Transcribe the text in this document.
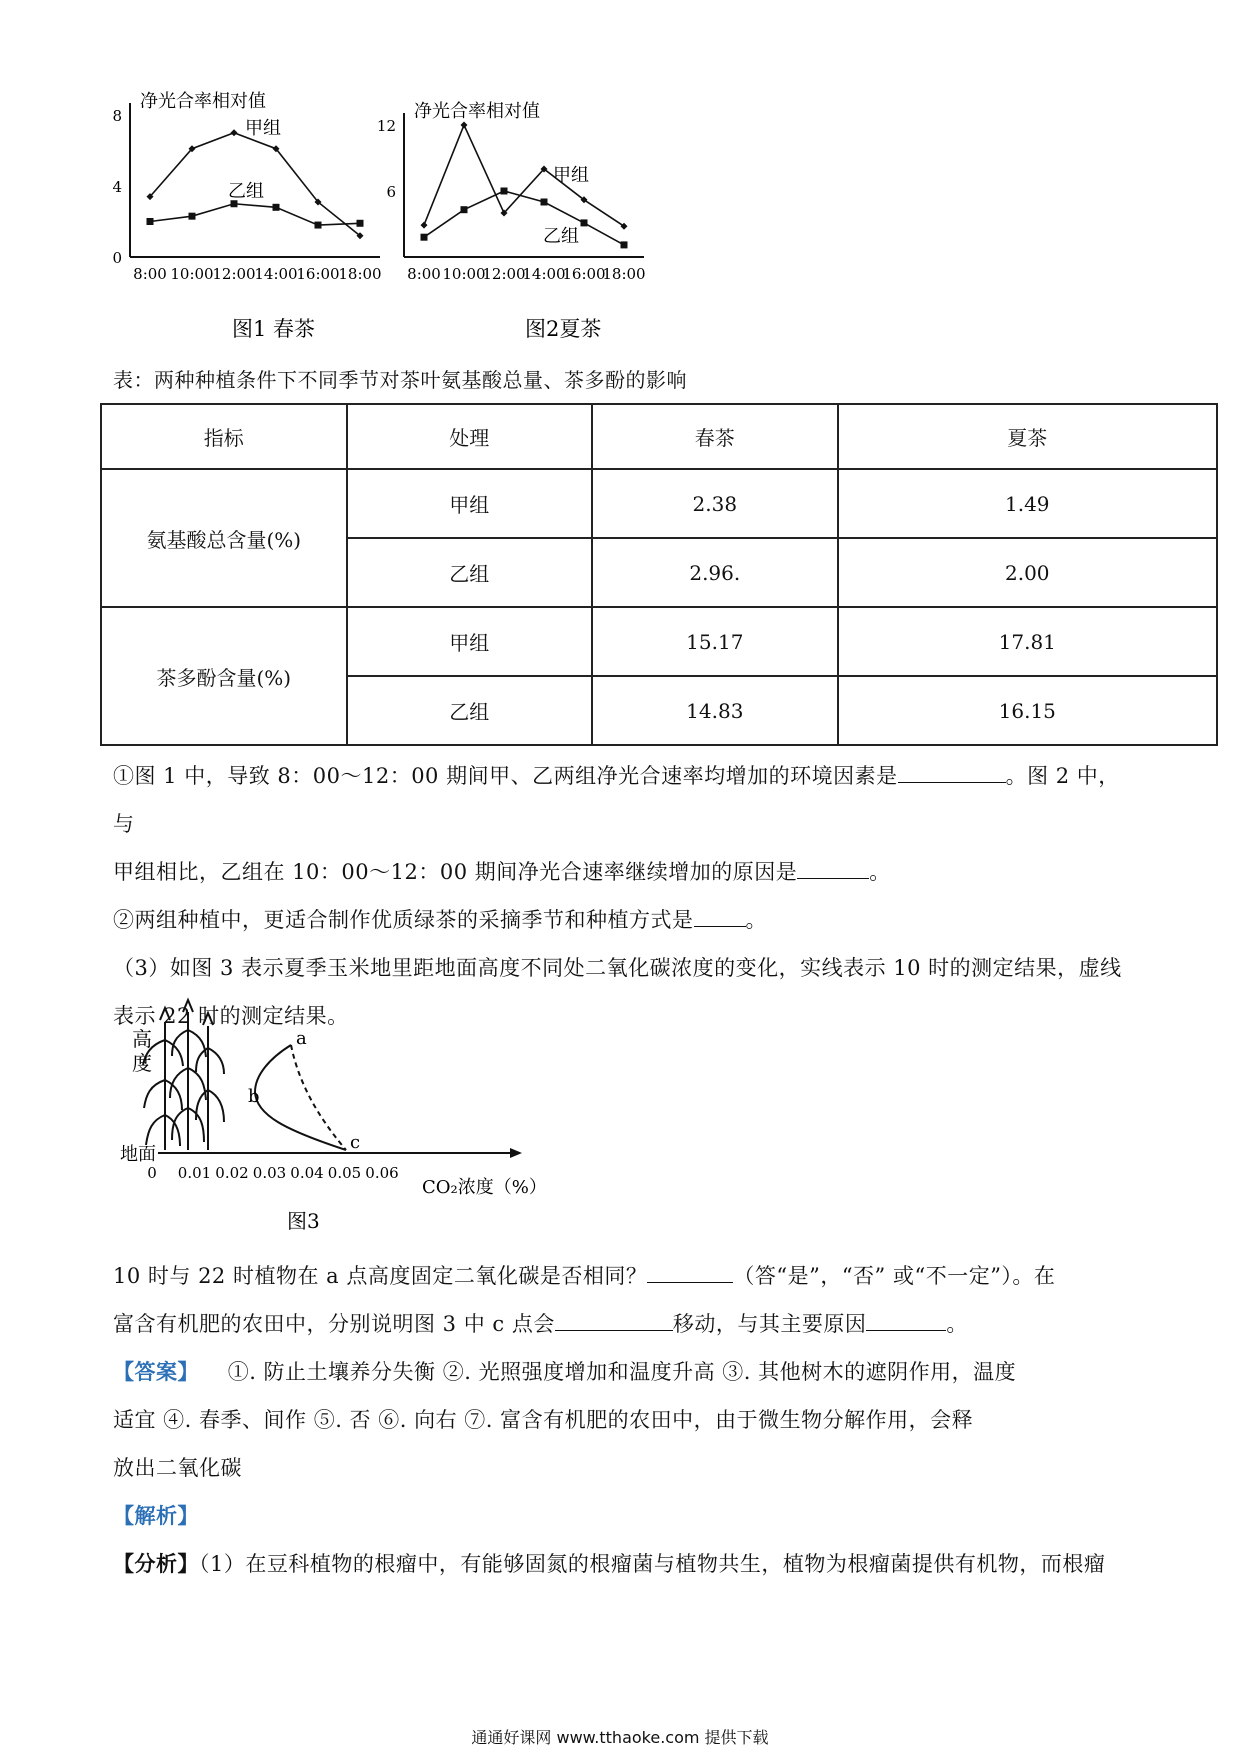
净光合率相对值
0
4
8
8:00 10:00
12:00
14:00
16:00
18:00
甲组
乙组
图1 春茶
净光合率相对值
6
12
8:00 10:00
12:00
14:00
16:00
18:00
甲组
乙组
图2夏茶
表：两种种植条件下不同季节对茶叶氨基酸总量、茶多酚的影响
指标	处理	春茶	夏茶
氨基酸总含量(%)	甲组	2.38	1.49
	乙组	2.96.	2.00
茶多酚含量(%)	甲组	15.17	17.81
	乙组	14.83	16.15
①图 1 中，导致 8：00～12：00 期间甲、乙两组净光合速率均增加的环境因素是	。图 2 中，与
甲组相比，乙组在 10：00～12：00 期间净光合速率继续增加的原因是	。
②两组种植中，更适合制作优质绿茶的采摘季节和种植方式是 。
（3）如图 3 表示夏季玉米地里距地面高度不同处二氧化碳浓度的变化，实线表示 10 时的测定结果，虚线
表示 22 时的测定结果。
高
度
地面
0 0.01 0.02 0.03 0.04 0.05 0.06
CO₂浓度（%）
a
b
c
图3
10 时与 22 时植物在 a 点高度固定二氧化碳是否相同？	（答“是”，“否” 或“不一定”）。在
富含有机肥的农田中，分别说明图 3 中 c 点会	移动，与其主要原因	。
【答案】 ①. 防止土壤养分失衡 ②. 光照强度增加和温度升高 ③. 其他树木的遮阴作用，温度
适宜 ④. 春季、间作 ⑤. 否 ⑥. 向右 ⑦. 富含有机肥的农田中，由于微生物分解作用，会释
放出二氧化碳
【解析】
【分析】（1）在豆科植物的根瘤中，有能够固氮的根瘤菌与植物共生，植物为根瘤菌提供有机物，而根瘤
通通好课网 www.tthaoke.com 提供下载
